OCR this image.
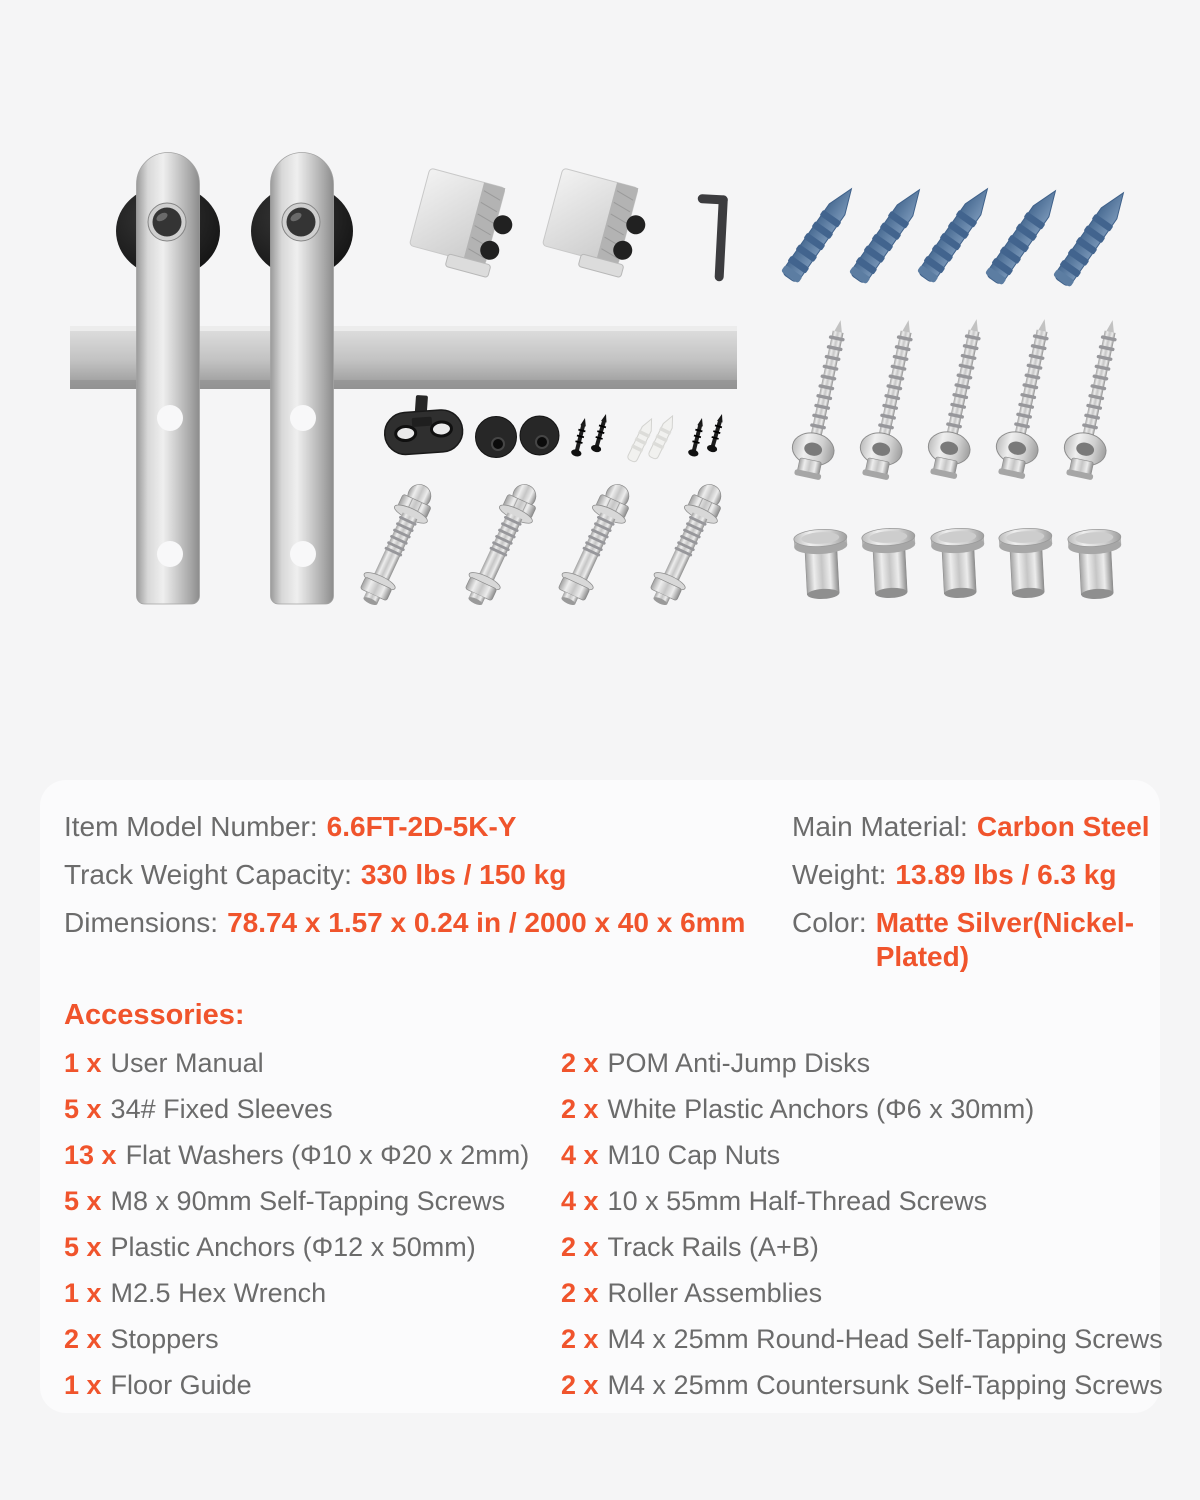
Item Model Number: 6.6FT-2D-5K-Y
Track Weight Capacity: 330 lbs / 150 kg
Dimensions: 78.74 x 1.57 x 0.24 in / 2000 x 40 x 6mm
Main Material: Carbon Steel
Weight: 13.89 lbs / 6.3 kg
Color: Matte Silver(Nickel-Plated)
Accessories:
1 x User Manual
5 x 34# Fixed Sleeves
13 x Flat Washers (Φ10 x Φ20 x 2mm)
5 x M8 x 90mm Self-Tapping Screws
5 x Plastic Anchors (Φ12 x 50mm)
1 x M2.5 Hex Wrench
2 x Stoppers
1 x Floor Guide
2 x POM Anti-Jump Disks
2 x White Plastic Anchors (Φ6 x 30mm)
4 x M10 Cap Nuts
4 x 10 x 55mm Half-Thread Screws
2 x Track Rails (A+B)
2 x Roller Assemblies
2 x M4 x 25mm Round-Head Self-Tapping Screws
2 x M4 x 25mm Countersunk Self-Tapping Screws
